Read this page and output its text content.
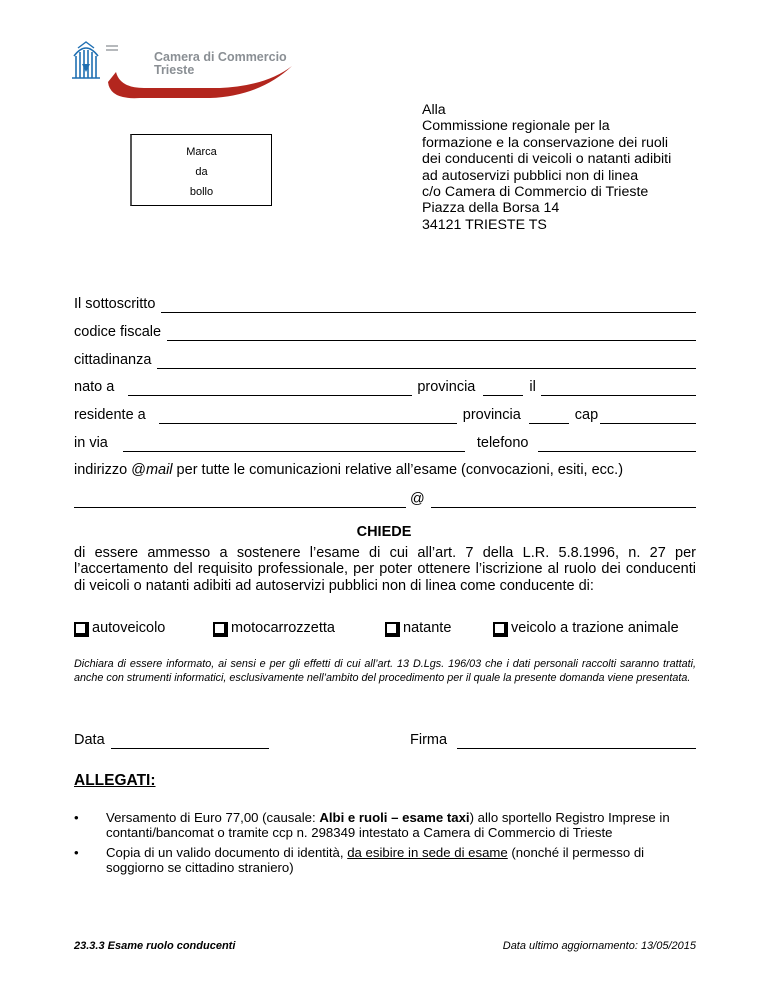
Camera di Commercio
Trieste
Marca
da
bollo
Alla
Commissione regionale per la
formazione e la conservazione dei ruoli
dei conducenti di veicoli o natanti adibiti
ad autoservizi pubblici non di linea
c/o Camera di Commercio di Trieste
Piazza della Borsa 14
34121 TRIESTE TS
Il sottoscritto
codice fiscale
cittadinanza
nato a	provincia	il
residente a	provincia	cap
in via	telefono
indirizzo @mail per tutte le comunicazioni relative all’esame (convocazioni, esiti, ecc.)
@
CHIEDE
di essere ammesso a sostenere l’esame di cui all’art. 7 della L.R. 5.8.1996, n. 27 per l’accertamento del requisito professionale, per poter ottenere l’iscrizione al ruolo dei conducenti di veicoli o natanti adibiti ad autoservizi pubblici non di linea come conducente di:
autoveicolo	motocarrozzetta	natante	veicolo a trazione animale
Dichiara di essere informato, ai sensi e per gli effetti di cui all’art. 13 D.Lgs. 196/03 che i dati personali raccolti saranno trattati, anche con strumenti informatici, esclusivamente nell’ambito del procedimento per il quale la presente domanda viene presentata.
Data	Firma
ALLEGATI:
• Versamento di Euro 77,00 (causale: Albi e ruoli – esame taxi) allo sportello Registro Imprese in contanti/bancomat o tramite ccp n. 298349 intestato a Camera di Commercio di Trieste
• Copia di un valido documento di identità, da esibire in sede di esame (nonché il permesso di soggiorno se cittadino straniero)
23.3.3 Esame ruolo conducenti	Data ultimo aggiornamento: 13/05/2015
